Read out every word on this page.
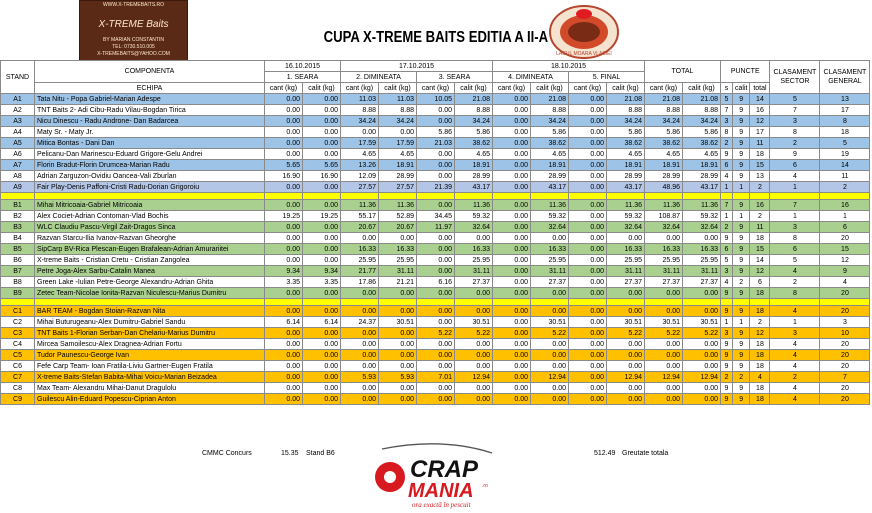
WWW.X-TREMEBAITS.RO
X-TREME Baits
BY MARIAN CONSTANTIN
TEL: 0730.510.005
X-TREMEBAITS@YAHOO.COM
CUPA X-TREME BAITS EDITIA A II-A
LACUL MOARA VLASIEI
STAND	COMPONENTA	16.10.2015		17.10.2015				18.10.2015				TOTAL		PUNCTE			CLASAMENT SECTOR	CLASAMENT GENERAL
		1. SEARA		2. DIMINEATA		3. SEARA		4. DIMINEATA		5. FINAL								
	ECHIPA	cant (kg)	calit (kg)	cant (kg)	calit (kg)	cant (kg)	calit (kg)	cant (kg)	calit (kg)	cant (kg)	calit (kg)	cant (kg)	calit (kg)	s	calit	total		
A1	Tata Nitu - Popa Gabriel-Marian Adespe	0.00	0.00	11.03	11.03	10.05	21.08	0.00	21.08	0.00	21.08	21.08	21.08	5	9	14	5	13
A2	TNT Baits 2- Adi Cibu-Radu Vilau-Bogdan Tirica	0.00	0.00	8.88	8.88	0.00	8.88	0.00	8.88	0.00	8.88	8.88	8.88	7	9	16	7	17
A3	Nicu Dinescu - Radu Androne- Dan Badarcea	0.00	0.00	34.24	34.24	0.00	34.24	0.00	34.24	0.00	34.24	34.24	34.24	3	9	12	3	8
A4	Maty Sr. - Maty Jr.	0.00	0.00	0.00	0.00	5.86	5.86	0.00	5.86	0.00	5.86	5.86	5.86	8	9	17	8	18
A5	Mitica Bontas - Dani Dan	0.00	0.00	17.59	17.59	21.03	38.62	0.00	38.62	0.00	38.62	38.62	38.62	2	9	11	2	5
A6	Pelicanu-Dan Marinescu-Eduard Grigore-Gelu Andrei	0.00	0.00	4.65	4.65	0.00	4.65	0.00	4.65	0.00	4.65	4.65	4.65	9	9	18	9	19
A7	Florin Bradut-Florin Drumcea-Marian Radu	5.65	5.65	13.26	18.91	0.00	18.91	0.00	18.91	0.00	18.91	18.91	18.91	6	9	15	6	14
A8	Adrian Zarguzon-Ovidiu Oancea-Vali Zburlan	16.90	16.90	12.09	28.99	0.00	28.99	0.00	28.99	0.00	28.99	28.99	28.99	4	9	13	4	11
A9	Fair Play-Denis Paffoni-Cristi Radu-Dorian Grigoroiu	0.00	0.00	27.57	27.57	21.39	43.17	0.00	43.17	0.00	43.17	48.96	43.17	1	1	2	1	2

B1	Mihai Mitricoaia-Gabriel Mitricoaia	0.00	0.00	11.36	11.36	0.00	11.36	0.00	11.36	0.00	11.36	11.36	11.36	7	9	16	7	16
B2	Alex Cociet-Adrian Contoman-Vlad Bochis	19.25	19.25	55.17	52.89	34.45	59.32	0.00	59.32	0.00	59.32	108.87	59.32	1	1	2	1	1
B3	WLC Claudiu Pascu-Virgil Zait-Dragos Sinca	0.00	0.00	20.67	20.67	11.97	32.64	0.00	32.64	0.00	32.64	32.64	32.64	2	9	11	3	6
B4	Razvan Starcu-Ilia Ivanov-Razvan Gheorghe	0.00	0.00	0.00	0.00	0.00	0.00	0.00	0.00	0.00	0.00	0.00	0.00	9	9	18	8	20
B5	SipCarp BV-Rica Plescan-Eugen Brafalean-Adrian Amurariitei	0.00	0.00	16.33	16.33	0.00	16.33	0.00	16.33	0.00	16.33	16.33	16.33	6	9	15	6	15
B6	X-treme Baits - Cristian Cretu - Cristian Zangolea	0.00	0.00	25.95	25.95	0.00	25.95	0.00	25.95	0.00	25.95	25.95	25.95	5	9	14	5	12
B7	Petre Joga-Alex Sarbu-Catalin Manea	9.34	9.34	21.77	31.11	0.00	31.11	0.00	31.11	0.00	31.11	31.11	31.11	3	9	12	4	9
B8	Green Lake -Iulian Petre-George Alexandru-Adrian Ghita	3.35	3.35	17.86	21.21	6.16	27.37	0.00	27.37	0.00	27.37	27.37	27.37	4	2	6	2	4
B9	Zetec Team-Nicolae Ionita-Razvan Niculescu-Marius Dumitru	0.00	0.00	0.00	0.00	0.00	0.00	0.00	0.00	0.00	0.00	0.00	0.00	9	9	18	8	20

C1	BAR TEAM - Bogdan Stoian-Razvan Nita	0.00	0.00	0.00	0.00	0.00	0.00	0.00	0.00	0.00	0.00	0.00	0.00	9	9	18	4	20
C2	Mihai Buturugeanu-Alex Dumitru-Gabriel Sandu	6.14	6.14	24.37	30.51	0.00	30.51	0.00	30.51	0.00	30.51	30.51	30.51	1	1	2	1	3
C3	TNT Baits 1-Florian Serban-Dan Chelariu-Marius Dumitru	0.00	0.00	0.00	0.00	5.22	5.22	0.00	5.22	0.00	5.22	5.22	5.22	3	9	12	3	10
C4	Mircea Samoilescu-Alex Dragnea-Adrian Fortu	0.00	0.00	0.00	0.00	0.00	0.00	0.00	0.00	0.00	0.00	0.00	0.00	9	9	18	4	20
C5	Tudor Paunescu-George Ivan	0.00	0.00	0.00	0.00	0.00	0.00	0.00	0.00	0.00	0.00	0.00	0.00	9	9	18	4	20
C6	Fefe Carp Team- Ioan Fratila-Liviu Gartner-Eugen Fratila	0.00	0.00	0.00	0.00	0.00	0.00	0.00	0.00	0.00	0.00	0.00	0.00	9	9	18	4	20
C7	X-treme Baits-Stefan Babita-Mihai Voicu-Marian Beizadea	0.00	0.00	5.93	5.93	7.01	12.94	0.00	12.94	0.00	12.94	12.94	12.94	2	2	4	2	7
C8	Max Team- Alexandru Mihai-Danut Dragulolu	0.00	0.00	0.00	0.00	0.00	0.00	0.00	0.00	0.00	0.00	0.00	0.00	9	9	18	4	20
C9	Guilescu Alin-Eduard Popescu-Ciprian Anton	0.00	0.00	0.00	0.00	0.00	0.00	0.00	0.00	0.00	0.00	0.00	0.00	9	9	18	4	20
CMMC Concurs	15.35 Stand B6	512.49 Greutate totala
CRAP
MANIA .ro
ora exactă în pescuit
